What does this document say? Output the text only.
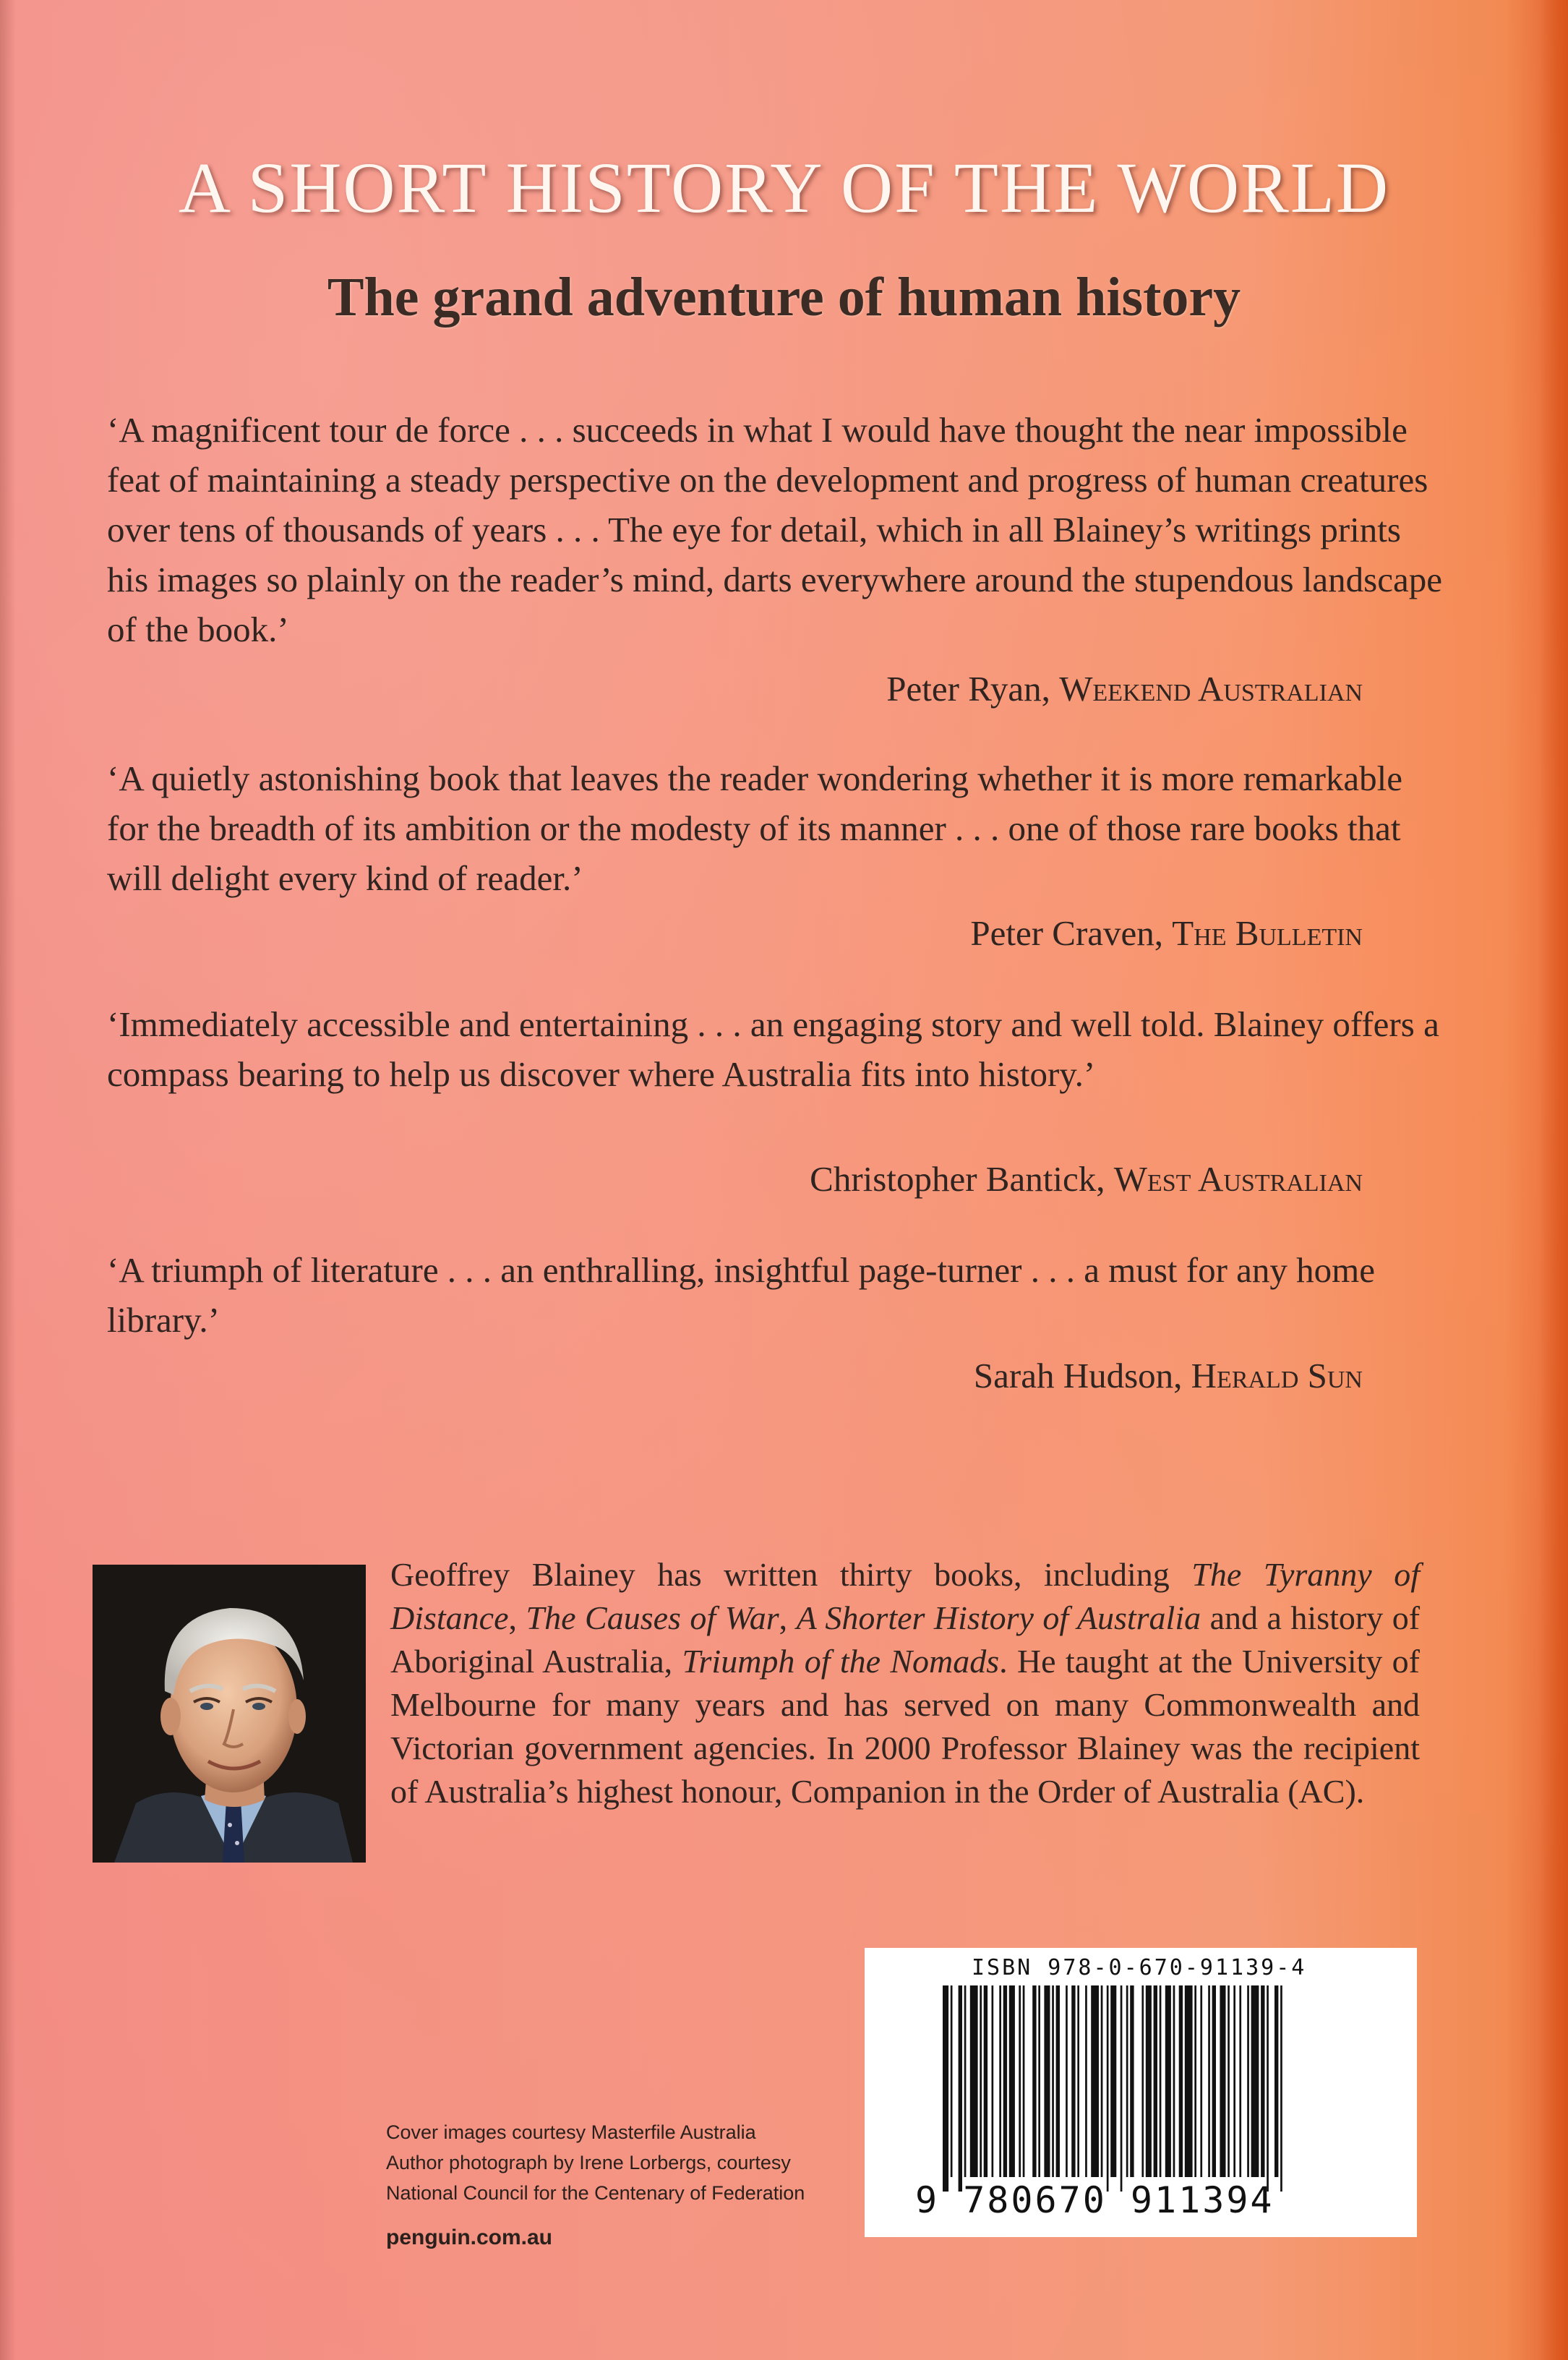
A SHORT HISTORY OF THE WORLD
The grand adventure of human history

‘A magnificent tour de force . . . succeeds in what I would have thought the near impossible feat of maintaining a steady perspective on the development and progress of human creatures over tens of thousands of years . . . The eye for detail, which in all Blainey’s writings prints his images so plainly on the reader’s mind, darts everywhere around the stupendous landscape of the book.’

Peter Ryan, Weekend Australian

‘A quietly astonishing book that leaves the reader wondering whether it is more remarkable for the breadth of its ambition or the modesty of its manner . . . one of those rare books that will delight every kind of reader.’

Peter Craven, The Bulletin

‘Immediately accessible and entertaining . . . an engaging story and well told. Blainey offers a compass bearing to help us discover where Australia fits into history.’

Christopher Bantick, West Australian

‘A triumph of literature . . . an enthralling, insightful page-turner . . . a must for any home library.’

Sarah Hudson, Herald Sun

Geoffrey Blainey has written thirty books, including The Tyranny of Distance, The Causes of War, A Shorter History of Australia and a history of Aboriginal Australia, Triumph of the Nomads. He taught at the University of Melbourne for many years and has served on many Commonwealth and Victorian government agencies. In 2000 Professor Blainey was the recipient of Australia’s highest honour, Companion in the Order of Australia (AC).

ISBN 978-0-670-91139-4
9 780670 911394
Cover images courtesy Masterfile Australia
Author photograph by Irene Lorbergs, courtesy
National Council for the Centenary of Federation
penguin.com.au
